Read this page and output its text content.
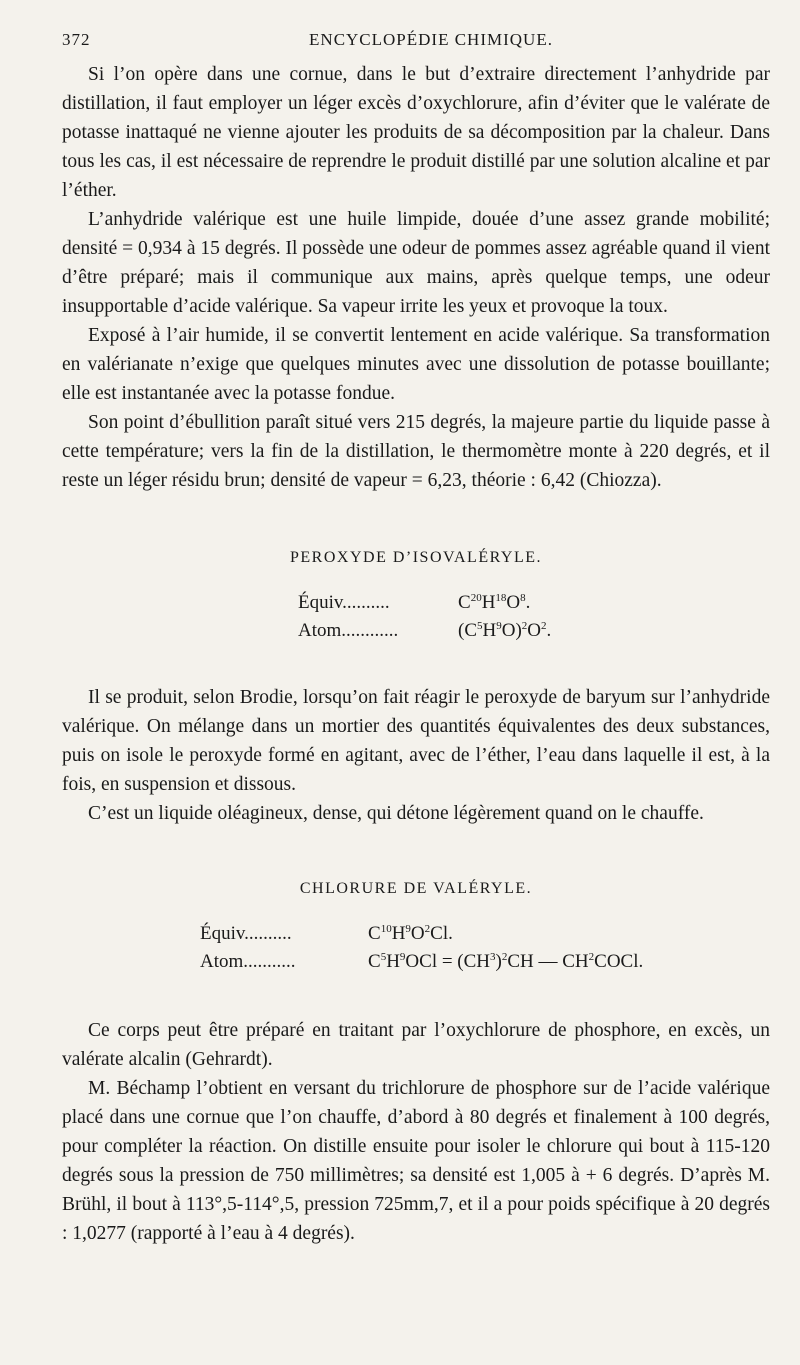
372	ENCYCLOPÉDIE CHIMIQUE.

Si l’on opère dans une cornue, dans le but d’extraire directement l’anhydride par distillation, il faut employer un léger excès d’oxychlorure, afin d’éviter que le valérate de potasse inattaqué ne vienne ajouter les produits de sa décomposition par la chaleur. Dans tous les cas, il est nécessaire de reprendre le produit distillé par une solution alcaline et par l’éther.

L’anhydride valérique est une huile limpide, douée d’une assez grande mobilité; densité = 0,934 à 15 degrés. Il possède une odeur de pommes assez agréable quand il vient d’être préparé; mais il communique aux mains, après quelque temps, une odeur insupportable d’acide valérique. Sa vapeur irrite les yeux et provoque la toux.

Exposé à l’air humide, il se convertit lentement en acide valérique. Sa transformation en valérianate n’exige que quelques minutes avec une dissolution de potasse bouillante; elle est instantanée avec la potasse fondue.

Son point d’ébullition paraît situé vers 215 degrés, la majeure partie du liquide passe à cette température; vers la fin de la distillation, le thermomètre monte à 220 degrés, et il reste un léger résidu brun; densité de vapeur = 6,23, théorie : 6,42 (Chiozza).

PEROXYDE D’ISOVALÉRYLE.
Équiv..........	$C^{20}H^{18}O^8$.
Atom............	$(C^5H^9O)^2O^2$.

Il se produit, selon Brodie, lorsqu’on fait réagir le peroxyde de baryum sur l’anhydride valérique. On mélange dans un mortier des quantités équivalentes des deux substances, puis on isole le peroxyde formé en agitant, avec de l’éther, l’eau dans laquelle il est, à la fois, en suspension et dissous.

C’est un liquide oléagineux, dense, qui détone légèrement quand on le chauffe.

CHLORURE DE VALÉRYLE.
Équiv..........	$C^{10}H^9O^2Cl$.
Atom...........	$C^5H^9OCl = (CH^3)^2CH$ — $CH^2COCl$.

Ce corps peut être préparé en traitant par l’oxychlorure de phosphore, en excès, un valérate alcalin (Gehrardt).

M. Béchamp l’obtient en versant du trichlorure de phosphore sur de l’acide valérique placé dans une cornue que l’on chauffe, d’abord à 80 degrés et finalement à 100 degrés, pour compléter la réaction. On distille ensuite pour isoler le chlorure qui bout à 115-120 degrés sous la pression de 750 millimètres; sa densité est 1,005 à + 6 degrés. D’après M. Brühl, il bout à 113°,5-114°,5, pression 725mm,7, et il a pour poids spécifique à 20 degrés : 1,0277 (rapporté à l’eau à 4 degrés).
